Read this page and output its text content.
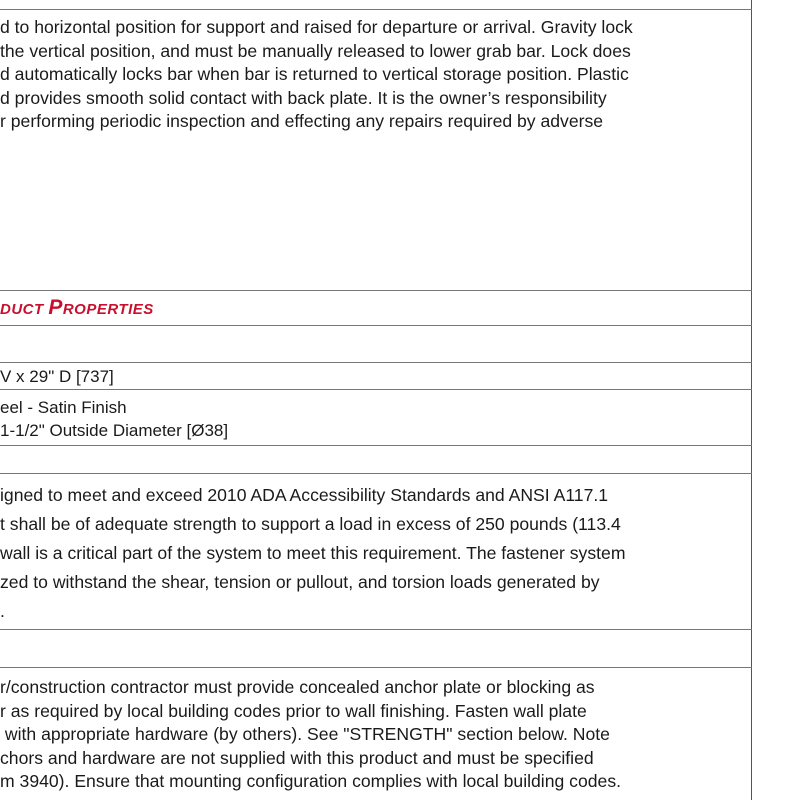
d to horizontal position for support and raised for departure or arrival. Gravity lock

the vertical position, and must be manually released to lower grab bar. Lock does

d automatically locks bar when bar is returned to vertical storage position. Plastic

d provides smooth solid contact with back plate. It is the owner’s responsibility

r performing periodic inspection and effecting any repairs required by adverse

DUCT PROPERTIES

V x 29" D [737]

eel - Satin Finish

1-1/2" Outside Diameter [Ø38]

igned to meet and exceed 2010 ADA Accessibility Standards and ANSI A117.1

t shall be of adequate strength to support a load in excess of 250 pounds (113.4

wall is a critical part of the system to meet this requirement. The fastener system

zed to withstand the shear, tension or pullout, and torsion loads generated by

.

r/construction contractor must provide concealed anchor plate or blocking as

r as required by local building codes prior to wall finishing. Fasten wall plate

with appropriate hardware (by others). See "STRENGTH" section below. Note

chors and hardware are not supplied with this product and must be specified

m 3940). Ensure that mounting configuration complies with local building codes.
